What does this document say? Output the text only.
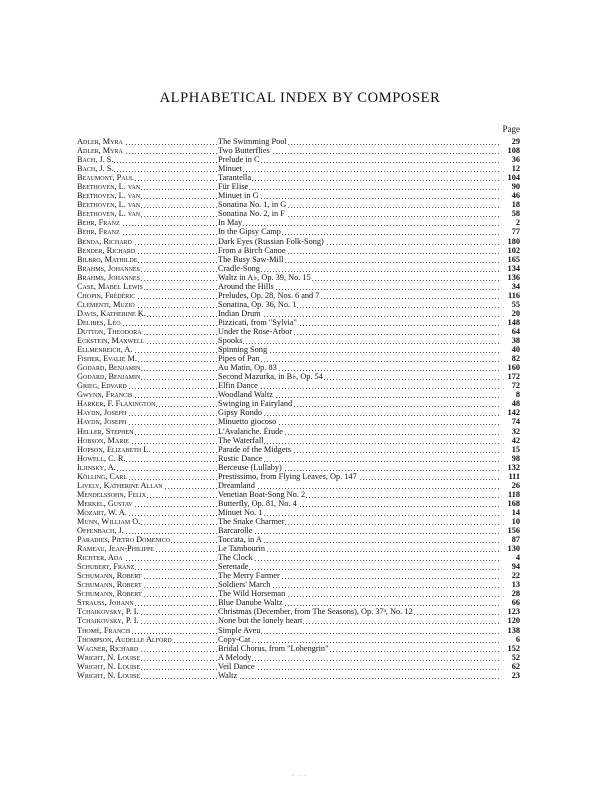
ALPHABETICAL INDEX BY COMPOSER
Page
Adler, Myra	The Swimming Pool	29
Adler, Myra	Two Butterflies	108
Bach, J. S.	Prelude in C	36
Bach, J. S.	Minuet	12
Beaumont, Paul	Tarantella	104
Beethoven, L. van	Für Elise	90
Beethoven, L. van	Minuet in G	46
Beethoven, L. van	Sonatina No. 1, in G	18
Beethoven, L. van	Sonatina No. 2, in F	58
Behr, Franz	In May	2
Behr, Franz	In the Gipsy Camp	77
Benda, Richard	Dark Eyes (Russian Folk-Song)	180
Bender, Richard	From a Birch Canoe	102
Bilbro, Mathilde	The Busy Saw-Mill	165
Brahms, Johannes	Cradle-Song	134
Brahms, Johannes	Waltz in A♭, Op. 39, No. 15	136
Case, Mabel Lewis	Around the Hills	34
Chopin, Frédéric	Preludes, Op. 28, Nos. 6 and 7	116
Clementi, Muzio	Sonatina, Op. 36, No. 1	55
Davis, Katherine K.	Indian Drum	20
Delibes, Léo	Pizzicati, from "Sylvia"	148
Dutton, Theodora	Under the Rose-Arbor	64
Eckstein, Maxwell	Spooks	38
Ellmenreich, A.	Spinning Song	40
Fisher, Evalie M.	Pipes of Pan	82
Godard, Benjamin	Au Matin, Op. 83	160
Godard, Benjamin	Second Mazurka, in B♭, Op. 54	172
Grieg, Edvard	Elfin Dance	72
Gwynn, Francis	Woodland Waltz	8
Harker, F. Flaxington	Swinging in Fairyland	48
Haydn, Joseph	Gipsy Rondo	142
Haydn, Joseph	Minuetto giocoso	74
Heller, Stephen	L'Avalanche. Étude	32
Hobson, Marie	The Waterfall	42
Hopson, Elizabeth L.	Parade of the Midgets	15
Howell, C. R.	Rustic Dance	98
Iljinsky, A.	Berceuse (Lullaby)	132
Kölling, Carl	Prestissimo, from Flying Leaves, Op. 147	111
Lively, Katherine Allan	Dreamland	26
Mendelssohn, Felix	Venetian Boat-Song No. 2	118
Merkel, Gustav	Butterfly, Op. 81, No. 4	168
Mozart, W. A.	Minuet No. 1	14
Munn, William O.	The Snake Charmer	10
Offenbach, J.	Barcarolle	156
Paradies, Pietro Domenico	Toccata, in A	87
Rameau, Jean-Philippe	Le Tambourin	130
Richter, Ada	The Clock	4
Schubert, Franz	Serenade	94
Schumann, Robert	The Merry Farmer	22
Schumann, Robert	Soldiers' March	13
Schumann, Robert	The Wild Horseman	28
Strauss, Johann	Blue Danube Waltz	66
Tchaikovsky, P. I.	Christmas (December, from The Seasons), Op. 37ᵃ, No. 12	123
Tchaikovsky, P. I.	None but the lonely heart	120
Thomé, Francis	Simple Aveu	138
Thompson, Audelle Alford	Copy-Cat	6
Wagner, Richard	Bridal Chorus, from "Lohengrin"	152
Wright, N. Louise	A Melody	52
Wright, N. Louise	Veil Dance	62
Wright, N. Louise	Waltz	23
· · ·
